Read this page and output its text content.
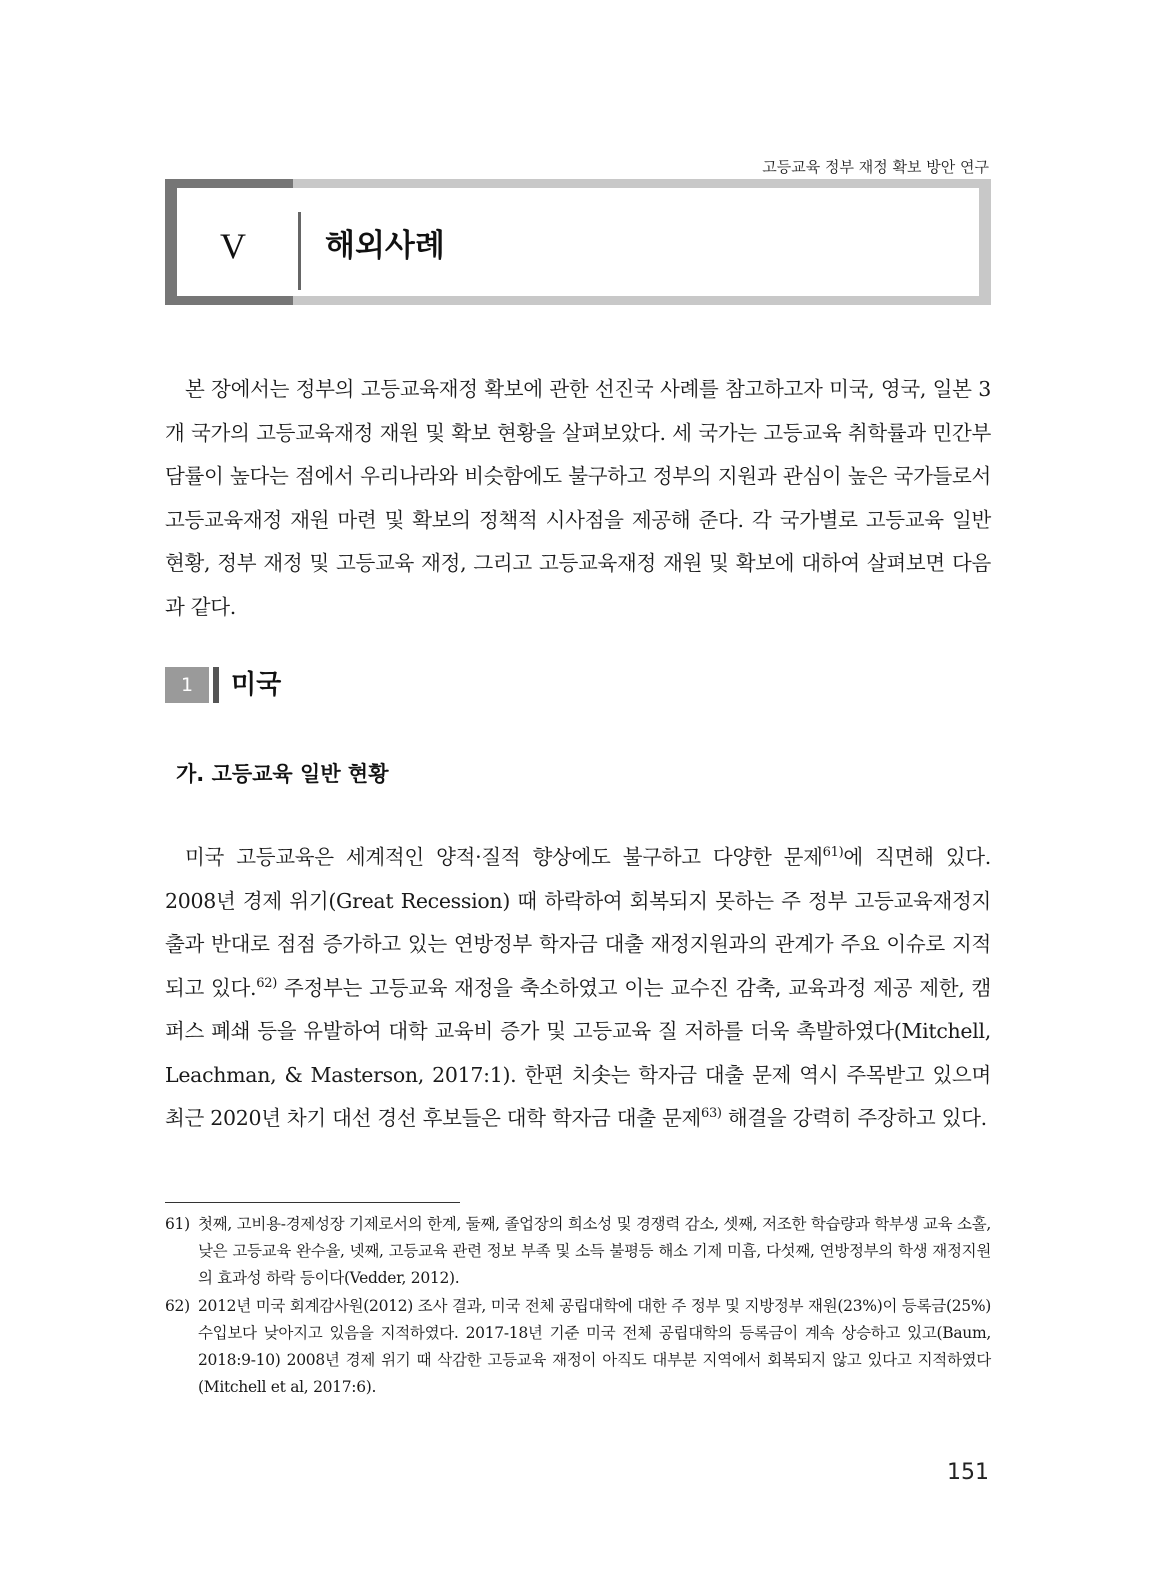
고등교육 정부 재정 확보 방안 연구
V	해외사례

본 장에서는 정부의 고등교육재정 확보에 관한 선진국 사례를 참고하고자 미국, 영국, 일본 3개 국가의 고등교육재정 재원 및 확보 현황을 살펴보았다. 세 국가는 고등교육 취학률과 민간부담률이 높다는 점에서 우리나라와 비슷함에도 불구하고 정부의 지원과 관심이 높은 국가들로서 고등교육재정 재원 마련 및 확보의 정책적 시사점을 제공해 준다. 각 국가별로 고등교육 일반 현황, 정부 재정 및 고등교육 재정, 그리고 고등교육재정 재원 및 확보에 대하여 살펴보면 다음과 같다.

1	미국
가. 고등교육 일반 현황

미국 고등교육은 세계적인 양적·질적 향상에도 불구하고 다양한 문제$^{61)}$에 직면해 있다. 2008년 경제 위기(Great Recession) 때 하락하여 회복되지 못하는 주 정부 고등교육재정지출과 반대로 점점 증가하고 있는 연방정부 학자금 대출 재정지원과의 관계가 주요 이슈로 지적되고 있다.$^{62)}$ 주정부는 고등교육 재정을 축소하였고 이는 교수진 감축, 교육과정 제공 제한, 캠퍼스 폐쇄 등을 유발하여 대학 교육비 증가 및 고등교육 질 저하를 더욱 촉발하였다(Mitchell, Leachman, & Masterson, 2017:1). 한편 치솟는 학자금 대출 문제 역시 주목받고 있으며 최근 2020년 차기 대선 경선 후보들은 대학 학자금 대출 문제$^{63)}$ 해결을 강력히 주장하고 있다.

61) 첫째, 고비용-경제성장 기제로서의 한계, 둘째, 졸업장의 희소성 및 경쟁력 감소, 셋째, 저조한 학습량과 학부생 교육 소홀, 낮은 고등교육 완수율, 넷째, 고등교육 관련 정보 부족 및 소득 불평등 해소 기제 미흡, 다섯째, 연방정부의 학생 재정지원의 효과성 하락 등이다(Vedder, 2012).

62) 2012년 미국 회계감사원(2012) 조사 결과, 미국 전체 공립대학에 대한 주 정부 및 지방정부 재원(23%)이 등록금(25%) 수입보다 낮아지고 있음을 지적하였다. 2017-18년 기준 미국 전체 공립대학의 등록금이 계속 상승하고 있고(Baum, 2018:9-10) 2008년 경제 위기 때 삭감한 고등교육 재정이 아직도 대부분 지역에서 회복되지 않고 있다고 지적하였다(Mitchell et al, 2017:6).

151
